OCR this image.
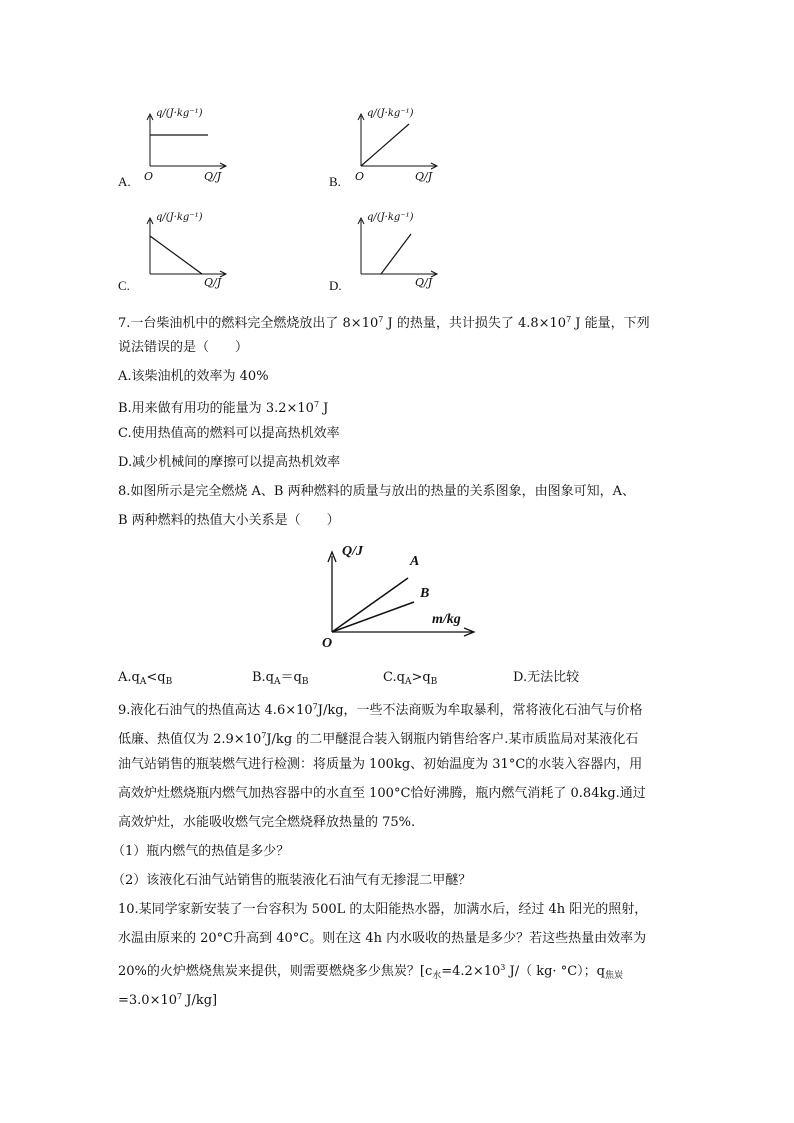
A.
q/(J·kg⁻¹)
O	Q/J	B.
q/(J·kg⁻¹)
O	Q/J
C.
q/(J·kg⁻¹)
Q/J	D.
q/(J·kg⁻¹)
Q/J
7.一台柴油机中的燃料完全燃烧放出了 $8\times 10^7$ J 的热量，共计损失了 $4.8\times 10^7$ J 能量，下列
说法错误的是（　　）
A.该柴油机的效率为 40%
B.用来做有用功的能量为 $3.2\times 10^7$ J
C.使用热值高的燃料可以提高热机效率
D.减少机械间的摩擦可以提高热机效率
8.如图所示是完全燃烧 A、B 两种燃料的质量与放出的热量的关系图象，由图象可知，A、
B 两种燃料的热值大小关系是（　　）
Q/J
A
B
m/kg
O
$A.q_A<q_B$	$B.q_A=q_B$	$C.q_A>q_B$	D.无法比较
9.液化石油气的热值高达 $4.6\times 10^7J/kg$，一些不法商贩为牟取暴利，常将液化石油气与价格
低廉、热值仅为 $2.9\times 10^7J/kg$ 的二甲醚混合装入钢瓶内销售给客户.某市质监局对某液化石
油气站销售的瓶装燃气进行检测：将质量为 100kg、初始温度为 31°C的水装入容器内，用
高效炉灶燃烧瓶内燃气加热容器中的水直至 100°C恰好沸腾，瓶内燃气消耗了 0.84kg.通过
高效炉灶，水能吸收燃气完全燃烧释放热量的 75%.
（1）瓶内燃气的热值是多少？
（2）该液化石油气站销售的瓶装液化石油气有无掺混二甲醚？
10.某同学家新安装了一台容积为 500L 的太阳能热水器，加满水后，经过 4h 阳光的照射，
水温由原来的 20°C升高到 40°C。则在这 4h 内水吸收的热量是多少？若这些热量由效率为
20%的火炉燃烧焦炭来提供，则需要燃烧多少焦炭？[$c_水=4.2\times 10^3$ J/（ kg· °C）；$q_{焦炭}$
$=3.0\times 10^7$ J/kg]
